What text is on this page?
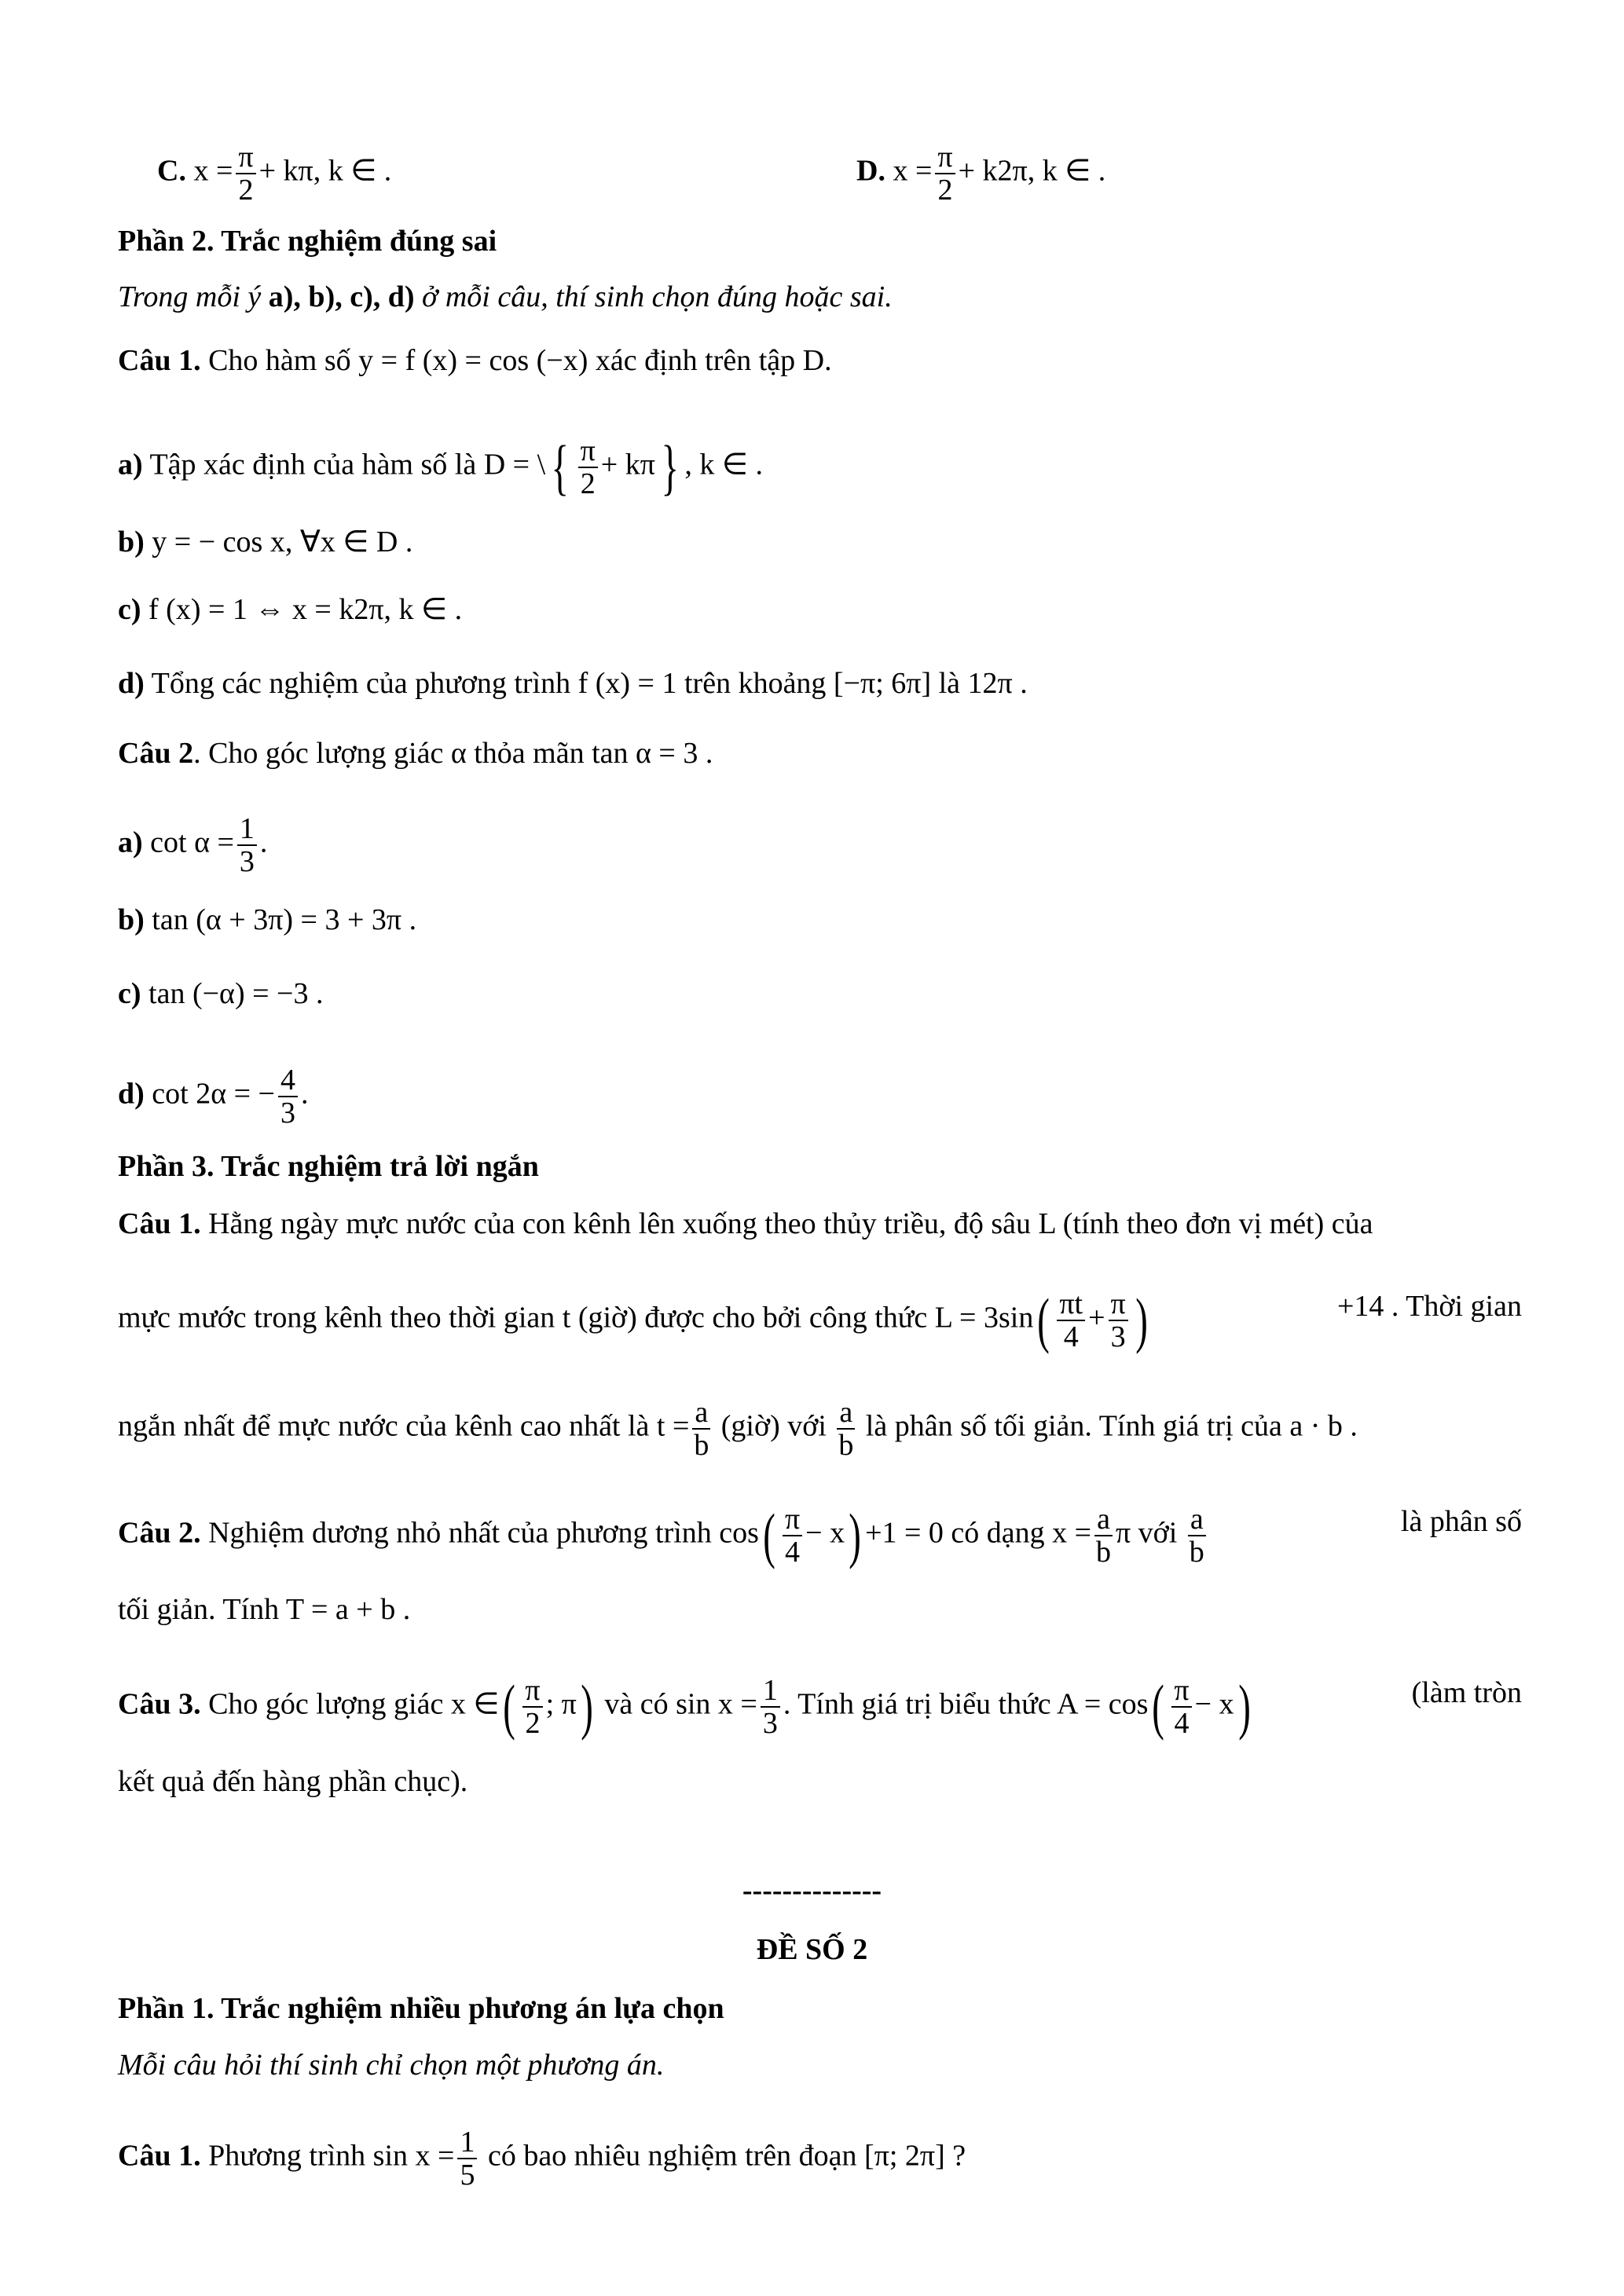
C. $x = \frac{\pi}{2} + k\pi$, k ∈ .	D. $x = \frac{\pi}{2} + k2\pi$, k ∈ .
Phần 2. Trắc nghiệm đúng sai
Trong mỗi ý a), b), c), d) ở mỗi câu, thí sinh chọn đúng hoặc sai.
Câu 1. Cho hàm số y = f (x) = cos (−x) xác định trên tập D.
a) Tập xác định của hàm số là D = \{ $\frac{\pi}{2} + k\pi$} , k ∈ .
b) y = − cos x, ∀x ∈ D .
c) f (x) = 1 ⇔ x = k2π, k ∈ .
d) Tổng các nghiệm của phương trình f (x) = 1 trên khoảng [−π; 6π] là 12π .
Câu 2. Cho góc lượng giác α thỏa mãn tan α = 3 .
a) $\cot \alpha = \frac{1}{3}$ .
b) tan (α + 3π) = 3 + 3π .
c) tan (−α) = −3 .
d) cot 2α = − $\frac{4}{3}$ .
Phần 3. Trắc nghiệm trả lời ngắn
Câu 1. Hằng ngày mực nước của con kênh lên xuống theo thủy triều, độ sâu L (tính theo đơn vị mét) của
mực mước trong kênh theo thời gian t (giờ) được cho bởi công thức $L = 3\sin( \frac{\pi t}{4} + \frac{\pi}{3}$ )	+14 . Thời gian
ngắn nhất để mực nước của kênh cao nhất là $t = \frac{a}{b}$ (giờ) với $\frac{a}{b}$ là phân số tối giản. Tính giá trị của a · b .
Câu 2. Nghiệm dương nhỏ nhất của phương trình $\cos( \frac{\pi}{4} - x) +1 = 0$ có dạng $x = \frac{a}{b}$ π với $\frac{a}{b}$	là phân số
tối giản. Tính T = a + b .
Câu 3. Cho góc lượng giác x ∈( $\frac{\pi}{2}$ ; π) và có $\sin x = \frac{1}{3}$ . Tính giá trị biểu thức $A = \cos( \frac{\pi}{4} - x)$	(làm tròn
kết quả đến hàng phần chục).
--------------
ĐỀ SỐ 2
Phần 1. Trắc nghiệm nhiều phương án lựa chọn
Mỗi câu hỏi thí sinh chỉ chọn một phương án.
Câu 1. Phương trình $\sin x = \frac{1}{5}$ có bao nhiêu nghiệm trên đoạn [π; 2π] ?
